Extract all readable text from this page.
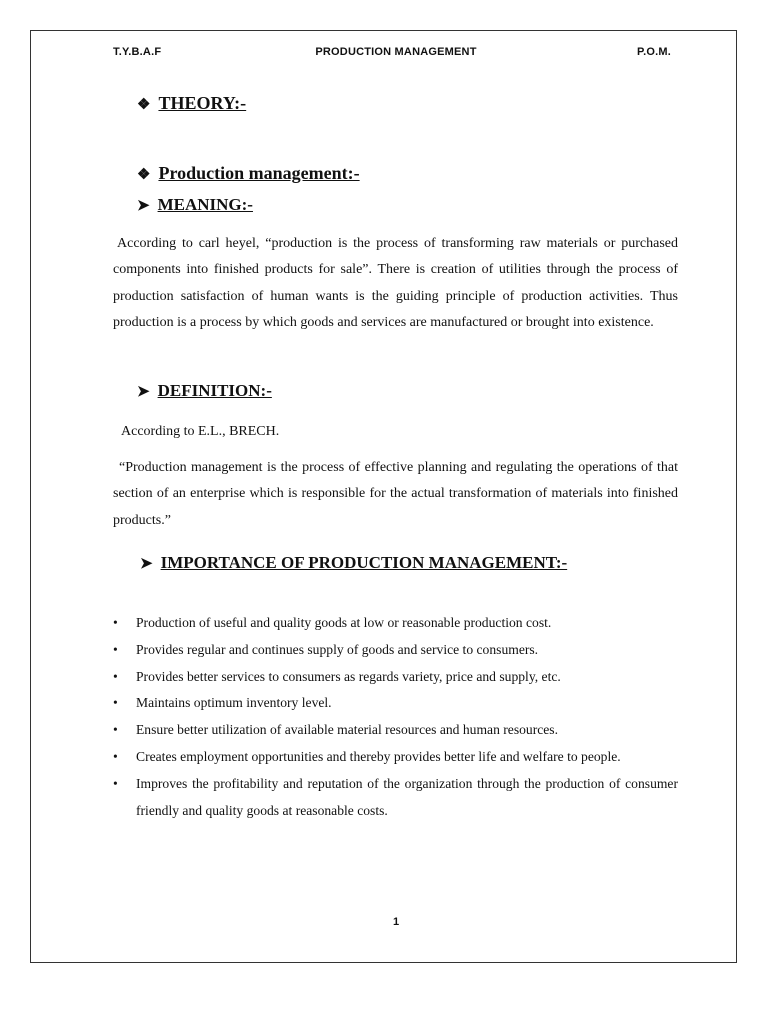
T.Y.B.A.F	PRODUCTION MANAGEMENT	P.O.M.
❖ THEORY:-
❖ Production management:-
➤ MEANING:-
According to carl heyel, “production is the process of transforming raw materials or purchased components into finished products for sale”. There is creation of utilities through the process of production satisfaction of human wants is the guiding principle of production activities. Thus production is a process by which goods and services are manufactured or brought into existence.
➤ DEFINITION:-
According to E.L., BRECH.
“Production management is the process of effective planning and regulating the operations of that section of an enterprise which is responsible for the actual transformation of materials into finished products.”
➤ IMPORTANCE OF PRODUCTION MANAGEMENT:-
• Production of useful and quality goods at low or reasonable production cost.
• Provides regular and continues supply of goods and service to consumers.
• Provides better services to consumers as regards variety, price and supply, etc.
• Maintains optimum inventory level.
• Ensure better utilization of available material resources and human resources.
• Creates employment opportunities and thereby provides better life and welfare to people.
• Improves the profitability and reputation of the organization through the production of consumer friendly and quality goods at reasonable costs.
1
